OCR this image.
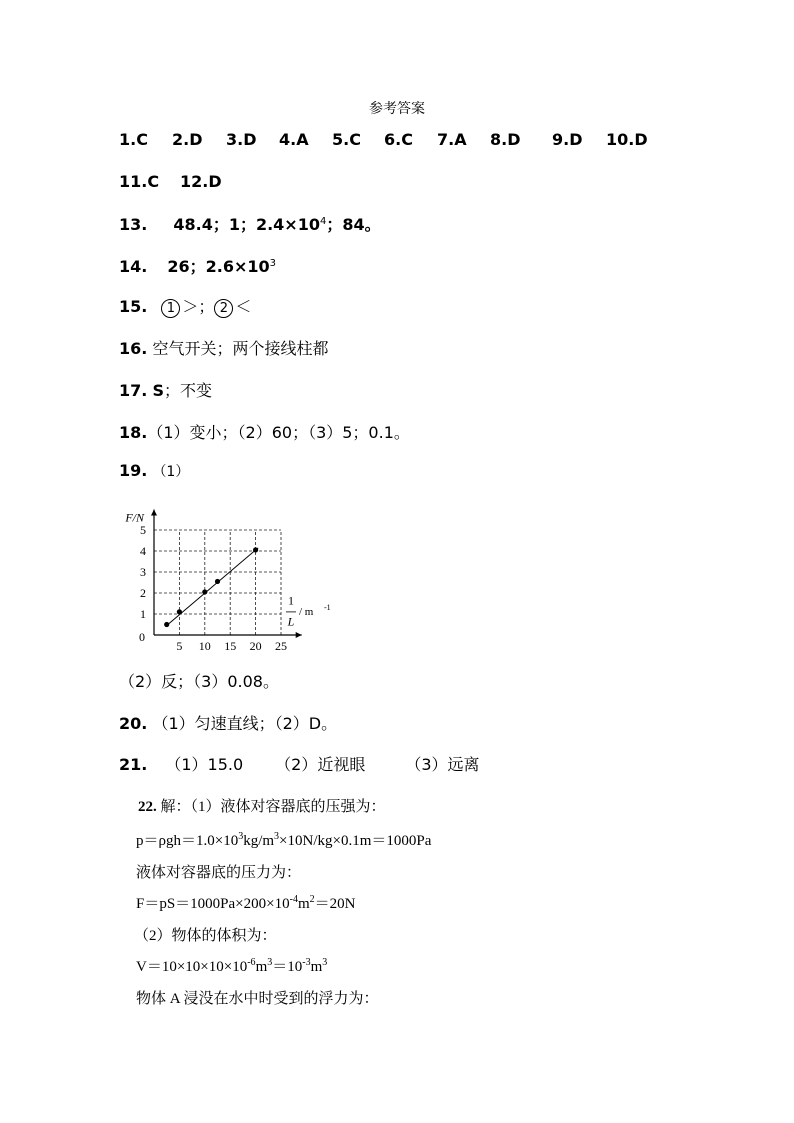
参考答案
1.C 2.D 3.D 4.A 5.C 6.C 7.A 8.D 9.D 10.D
11.C 12.D
13. 48.4；1；$2.4\times 10^4$；84。
14. 26；$2.6\times 10^3$
15. 1 ＞； 2 ＜
16. 空气开关；两个接线柱都
17. S；不变
18.（1）变小；（2）60；（3）5；0.1。
19. （1）
5 10 15 20 25
1
2
3
4
5
0
F/N
1
L
/ m -1
（2）反；（3）0.08。
20. （1）匀速直线；（2）D。
21. （1）15.0 （2）近视眼	（3）远离
22. 解：（1）液体对容器底的压强为：
$p=\rho gh=1.0\times 10^3kg/m^3\times 10N/kg\times 0.1m=1000Pa$
液体对容器底的压力为：
$F=pS=1000Pa\times 200\times 10^{-4}m^2=20N$
（2）物体的体积为：
$V=10\times 10\times 10\times 10^{-6}m^3=10^{-3}m^3$
物体 A 浸没在水中时受到的浮力为：
